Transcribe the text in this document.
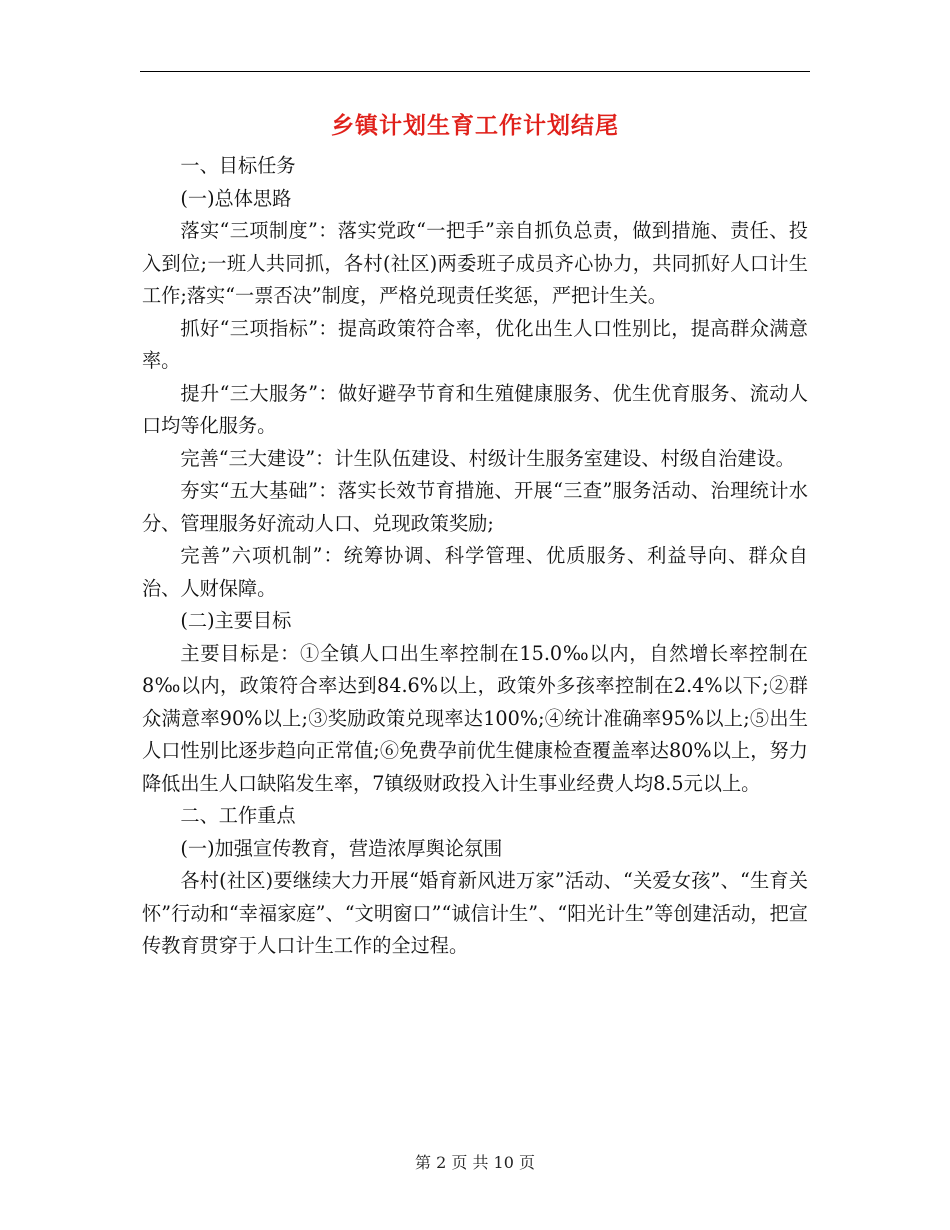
乡镇计划生育工作计划结尾

一、目标任务

(一)总体思路

落实“三项制度”：落实党政“一把手”亲自抓负总责，做到措施、责任、投入到位;一班人共同抓，各村(社区)两委班子成员齐心协力，共同抓好人口计生工作;落实“一票否决”制度，严格兑现责任奖惩，严把计生关。

抓好“三项指标”：提高政策符合率，优化出生人口性别比，提高群众满意率。

提升“三大服务”：做好避孕节育和生殖健康服务、优生优育服务、流动人口均等化服务。

完善“三大建设”：计生队伍建设、村级计生服务室建设、村级自治建设。

夯实“五大基础”：落实长效节育措施、开展“三查”服务活动、治理统计水分、管理服务好流动人口、兑现政策奖励;

完善”六项机制”：统筹协调、科学管理、优质服务、利益导向、群众自治、人财保障。

(二)主要目标

主要目标是：①全镇人口出生率控制在15.0‰以内，自然增长率控制在8‰以内，政策符合率达到84.6%以上，政策外多孩率控制在2.4%以下;②群众满意率90%以上;③奖励政策兑现率达100%;④统计准确率95%以上;⑤出生人口性别比逐步趋向正常值;⑥免费孕前优生健康检查覆盖率达80%以上，努力降低出生人口缺陷发生率，7镇级财政投入计生事业经费人均8.5元以上。

二、工作重点

(一)加强宣传教育，营造浓厚舆论氛围

各村(社区)要继续大力开展“婚育新风进万家”活动、“关爱女孩”、“生育关怀”行动和“幸福家庭”、“文明窗口”“诚信计生”、“阳光计生”等创建活动，把宣传教育贯穿于人口计生工作的全过程。

第 2 页 共 10 页
